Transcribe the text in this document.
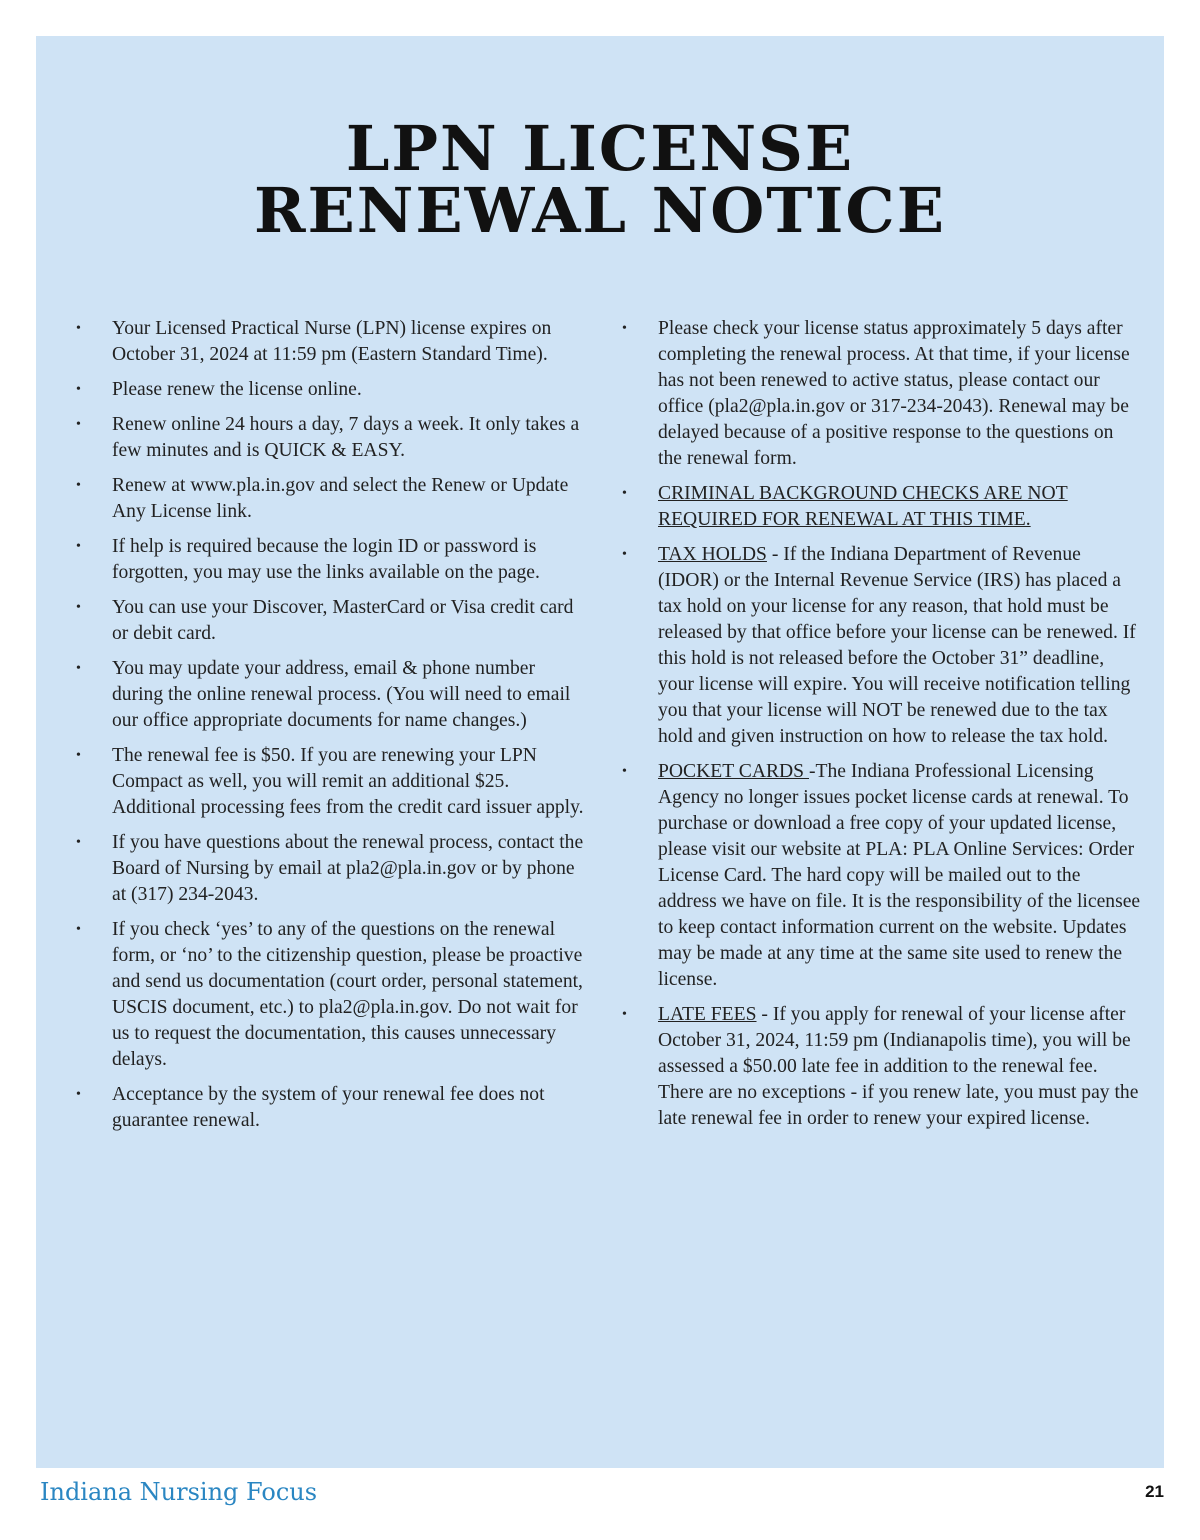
LPN LICENSE
RENEWAL NOTICE
• Your Licensed Practical Nurse (LPN) license expires on October 31, 2024 at 11:59 pm (Eastern Standard Time).
• Please renew the license online.
• Renew online 24 hours a day, 7 days a week. It only takes a few minutes and is QUICK & EASY.
• Renew at www.pla.in.gov and select the Renew or Update Any License link.
• If help is required because the login ID or password is forgotten, you may use the links available on the page.
• You can use your Discover, MasterCard or Visa credit card or debit card.
• You may update your address, email & phone number during the online renewal process. (You will need to email our office appropriate documents for name changes.)
• The renewal fee is $50. If you are renewing your LPN Compact as well, you will remit an additional $25. Additional processing fees from the credit card issuer apply.
• If you have questions about the renewal process, contact the Board of Nursing by email at pla2@pla.in.gov or by phone at (317) 234-2043.
• If you check ‘yes’ to any of the questions on the renewal form, or ‘no’ to the citizenship question, please be proactive and send us documentation (court order, personal statement, USCIS document, etc.) to pla2@pla.in.gov. Do not wait for us to request the documentation, this causes unnecessary delays.
• Acceptance by the system of your renewal fee does not guarantee renewal.
• Please check your license status approximately 5 days after completing the renewal process. At that time, if your license has not been renewed to active status, please contact our office (pla2@pla.in.gov or 317-234-2043). Renewal may be delayed because of a positive response to the questions on the renewal form.
• CRIMINAL BACKGROUND CHECKS ARE NOT REQUIRED FOR RENEWAL AT THIS TIME.
• TAX HOLDS - If the Indiana Department of Revenue (IDOR) or the Internal Revenue Service (IRS) has placed a tax hold on your license for any reason, that hold must be released by that office before your license can be renewed. If this hold is not released before the October 31” deadline, your license will expire. You will receive notification telling you that your license will NOT be renewed due to the tax hold and given instruction on how to release the tax hold.
• POCKET CARDS -The Indiana Professional Licensing Agency no longer issues pocket license cards at renewal. To purchase or download a free copy of your updated license, please visit our website at PLA: PLA Online Services: Order License Card. The hard copy will be mailed out to the address we have on file. It is the responsibility of the licensee to keep contact information current on the website. Updates may be made at any time at the same site used to renew the license.
• LATE FEES - If you apply for renewal of your license after October 31, 2024, 11:59 pm (Indianapolis time), you will be assessed a $50.00 late fee in addition to the renewal fee. There are no exceptions - if you renew late, you must pay the late renewal fee in order to renew your expired license.
Indiana Nursing Focus	21
